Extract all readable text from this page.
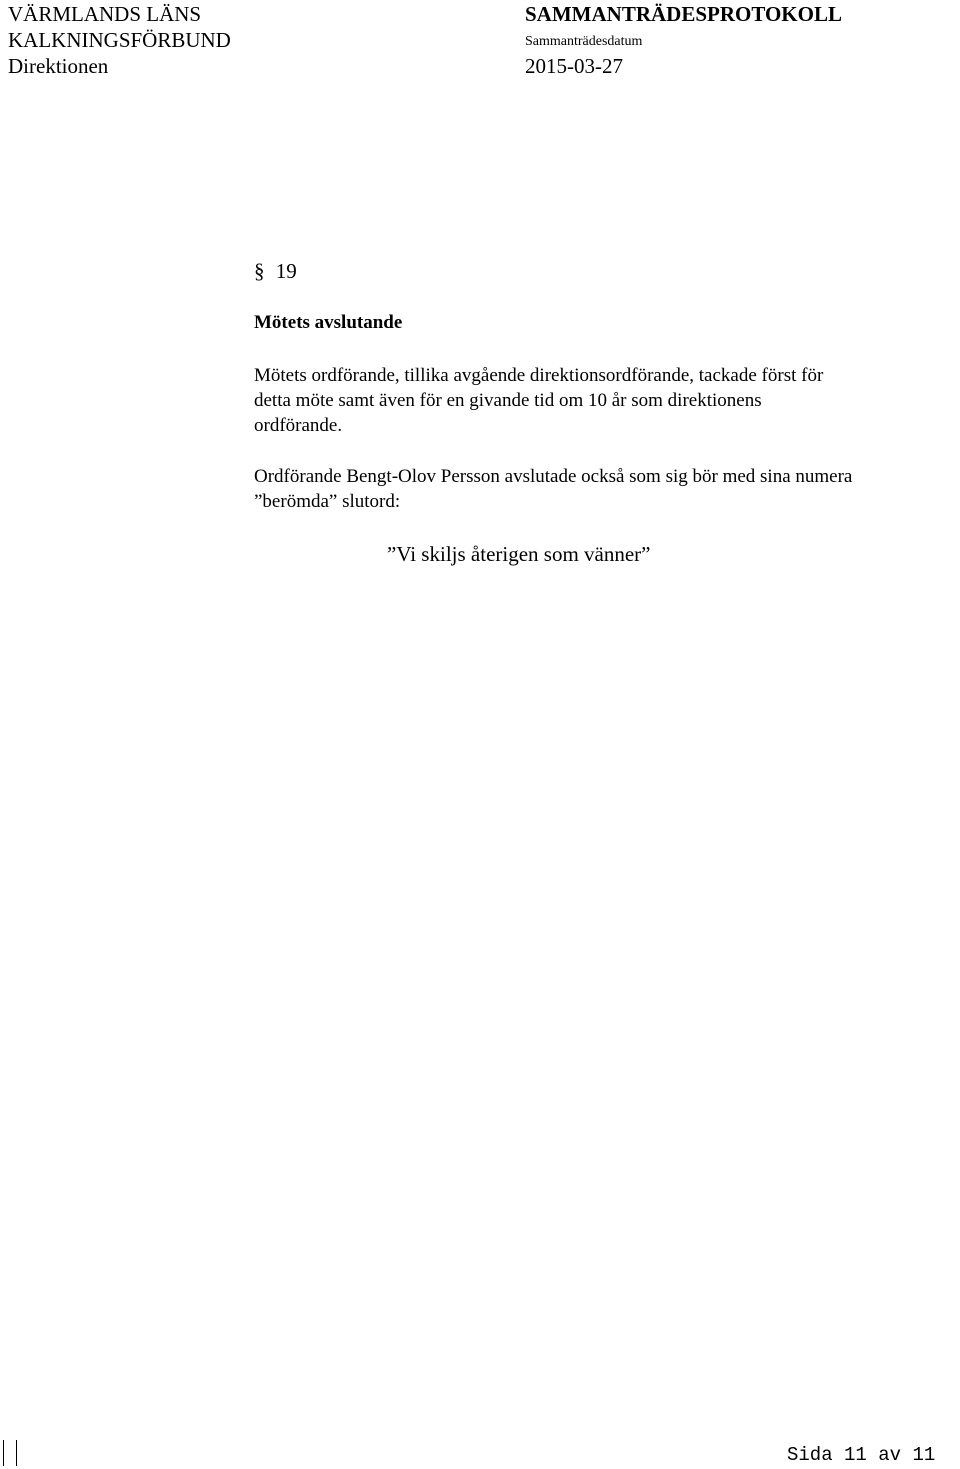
VÄRMLANDS LÄNS
KALKNINGSFÖRBUND
Direktionen
SAMMANTRÄDESPROTOKOLL
Sammanträdesdatum
2015-03-27
§ 19
Mötets avslutande
Mötets ordförande, tillika avgående direktionsordförande, tackade först för detta möte samt även för en givande tid om 10 år som direktionens ordförande.
Ordförande Bengt-Olov Persson avslutade också som sig bör med sina numera ”berömda” slutord:
”Vi skiljs återigen som vänner”
Sida 11 av 11
